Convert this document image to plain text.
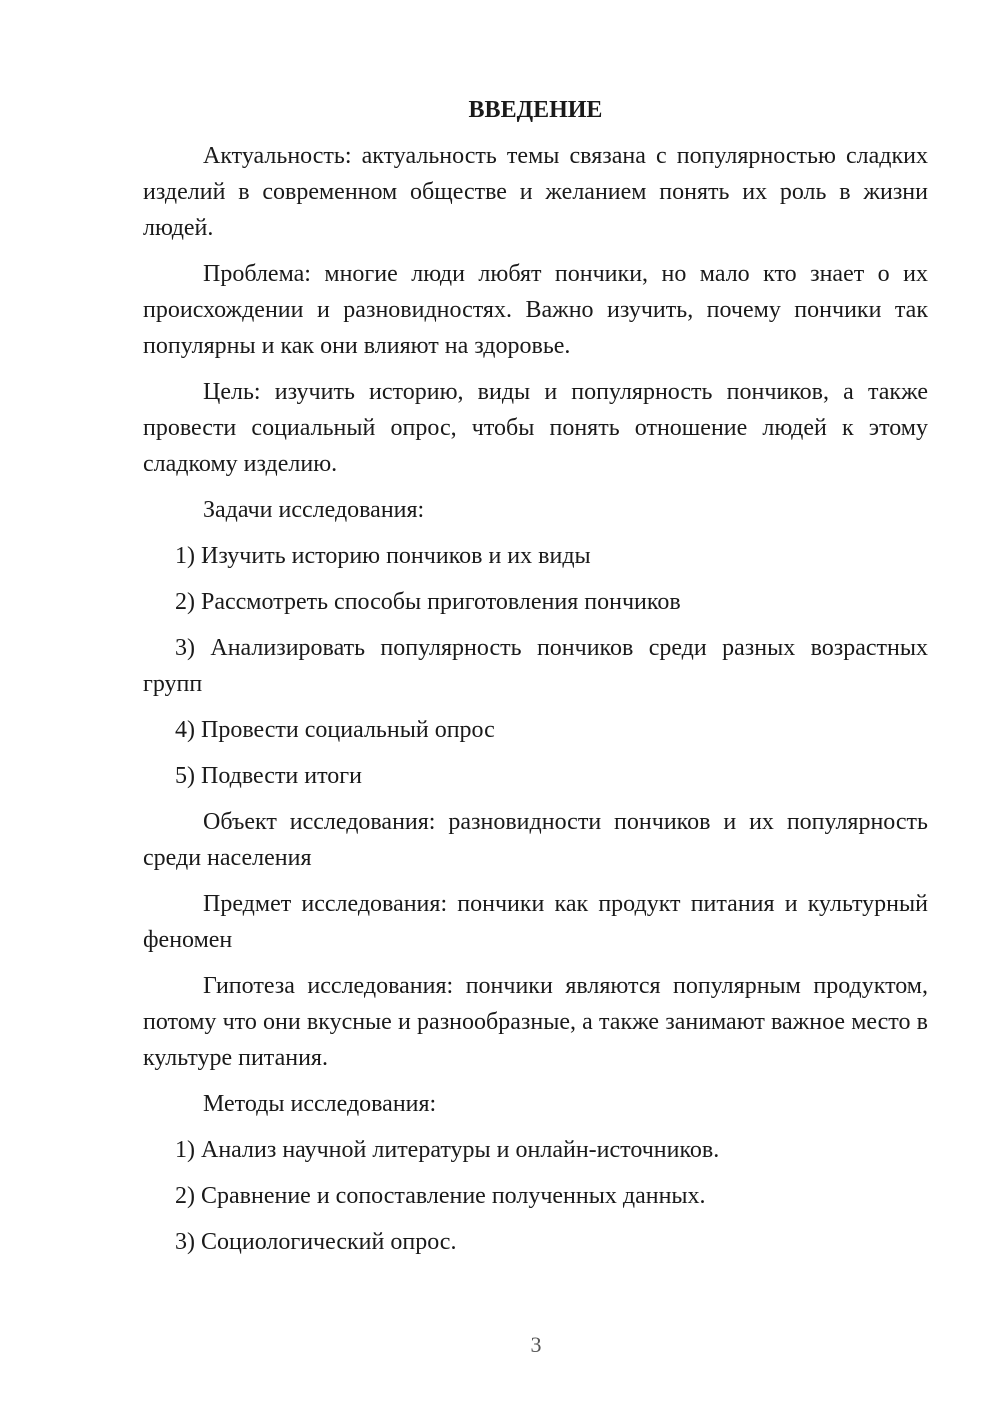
ВВЕДЕНИЕ
Актуальность: актуальность темы связана с популярностью сладких изделий в современном обществе и желанием понять их роль в жизни людей.
Проблема: многие люди любят пончики, но мало кто знает о их происхождении и разновидностях. Важно изучить, почему пончики так популярны и как они влияют на здоровье.
Цель: изучить историю, виды и популярность пончиков, а также провести социальный опрос, чтобы понять отношение людей к этому сладкому изделию.
Задачи исследования:
1) Изучить историю пончиков и их виды
2) Рассмотреть способы приготовления пончиков
3) Анализировать популярность пончиков среди разных возрастных групп
4) Провести социальный опрос
5) Подвести итоги
Объект исследования: разновидности пончиков и их популярность среди населения
Предмет исследования: пончики как продукт питания и культурный феномен
Гипотеза исследования: пончики являются популярным продуктом, потому что они вкусные и разнообразные, а также занимают важное место в культуре питания.
Методы исследования:
1) Анализ научной литературы и онлайн-источников.
2) Сравнение и сопоставление полученных данных.
3) Социологический опрос.
3
